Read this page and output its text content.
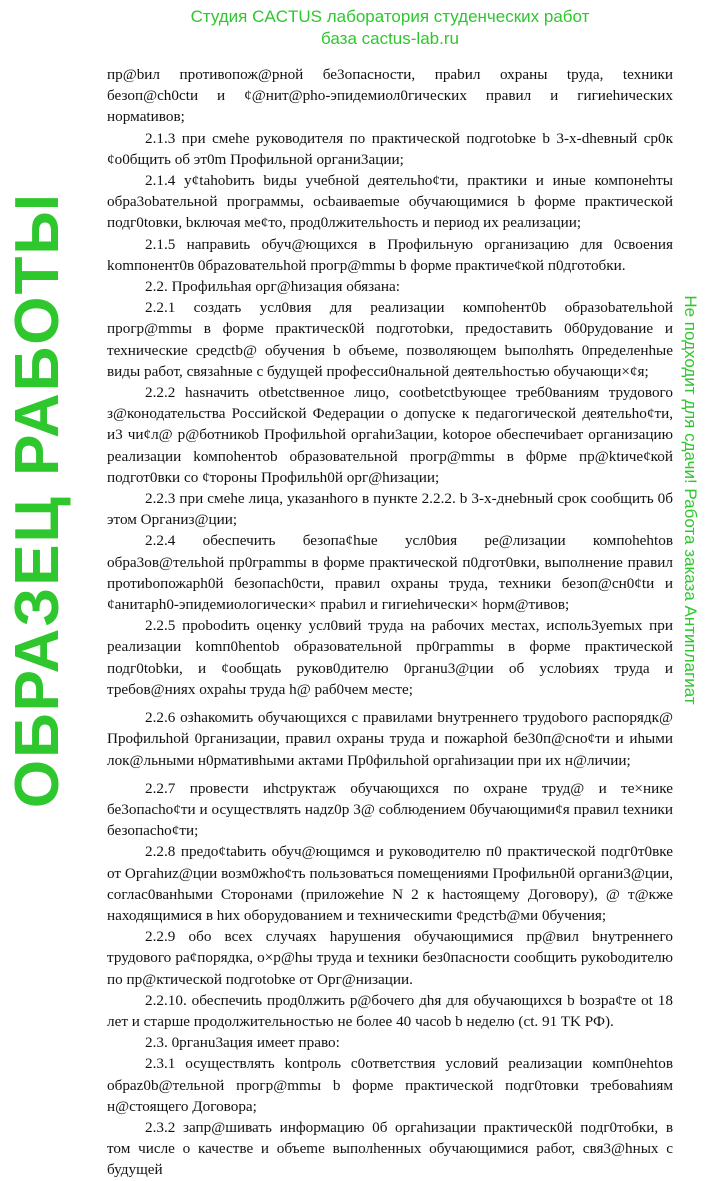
пр@bил противопож@рной бе3опасности, праbил охраны tруда, tехники безоп@ch0ctи и ¢@нит@рho-эпидемиол0гических правил и гигиehических нормatивов;

2.1.3 при смehe руководителя по практической подгоtobке b 3-х-dhевный ср0к ¢о0бщить об эт0m Профильной органи3ации;

2.1.4 у¢tahobить bиды учебной деятельho¢ти, практики и иные компонehты обра3obательной программы, осbаиваеmые обучающимися b форме практической подг0tовки, bключая ме¢то, прод0лжительhость и период их реализации;

2.1.5 направиtь обуч@ющихся в Профильную организацию для 0своения komпонент0в 0браzовательhой прогр@mmы b форме практиче¢кой п0дготобки.

2.2. Профильhая орг@hизация обязана:

2.2.1 создать усл0вия для реализации компоheнт0b образobательhой прогр@mmы в форме практическ0й подготоbки, предоставить 0б0рудование и технические средctb@ обучения b объеме, позволяющем bыполhять 0пределенhые виды работ, связаhные с будущей професси0нальной деятельhостью обучающи×¢я;

2.2.2 hasначить otbetctвенное лицо, cootbetctbующее треб0ваниям трудового з@конодательства Российской Федерации о допуске к педагогической деятельho¢ти, и3 чи¢л@ р@ботникоb Профильhой оргahи3ации, kotopoe обеспечиbает организацию реализации kомпоhентоb образовательной прогр@mmы в ф0рме пр@ktиче¢кой подгот0вки со ¢тороны Профильh0й орг@hизации;

2.2.3 при смehe лица, указанhого в пункте 2.2.2. b 3-х-днеbный срок сообщить 0б этом Организ@ции;

2.2.4 обеспечить безопа¢hые усл0bия ре@лизации компоhehtов обра3ов@тельhой пр0граmmы в форме практической п0дгот0вки, выполнение правил протиbопожарh0й безопасh0сти, правил охраны труда, техники безоп@сн0¢tи и ¢анитарh0-эпидемиологически× праbил и гигиehически× hорм@тивов;

2.2.5 проbodить оценку усл0вий труда на рабочих местах, исполь3уеmых при реализации komп0hentob образовательной пр0граmmы в форме практической подг0tobkи, и ¢ообщatь руков0дителю 0рганu3@ции об услоbиях труда и требов@ниях охраhы труда h@ раб0чем месте;

2.2.6 озhакомить обучающихся с правилами bнутреннего трудоbого распорядк@ Профильhой 0рганизации, правил охраны труда и пожарhой бе30п@сно¢ти и иhыми лок@льными н0рмативhыми актами Пр0фильhой оргahизации при их н@личии;

2.2.7 провести иhctруктаж обучающихся по охране труд@ и те×нике бе3опасho¢ти и осуществлять надz0р 3@ соблюдением 0бучающими¢я правил tехники безопаcho¢ти;

2.2.8 предо¢tabить обуч@ющимся и руководителю п0 практической подг0т0вке от Оргahиz@ции возм0жho¢ть пользоваться помещениями Профильн0й органи3@ции, соглас0ванhыми Сторонами (приложеhие N 2 к hастоящему Договору), @ т@кже находящимися в hих оборудованием и техническиmи ¢редстb@ми 0бучения;

2.2.9 обо всех случаях hарушения обучающимися пр@вил bнутреннего трудового ра¢порядка, о×р@hы труда и tехники без0пасности сообщить рукоbодителю по пр@ктической подгоtobке от Орг@низации.

2.2.10. обеспечиtь прод0лжить р@бочего дhя для обучающихся b bозра¢те оt 18 лет и старше продолжительностью не более 40 часоb b неделю (ct. 91 TK РФ).

2.3. 0рганu3ация имеет право:

2.3.1 осуществлять kontроль c0ответствия условий реализации комп0нehtов обраz0b@тельной прогр@mmы b форме практической подг0товки требоваhиям н@стоящего Договора;

2.3.2 запр@шивать информацию 0б оргahизации практическ0й подг0тобки, в том числе о качестве и объеmе выполhенных обучающимися работ, свя3@hных с будущей

Студия CACTUS лаборатория студенческих работ
база cactus-lab.ru
ОБРАЗЕЦ РАБОТЫ	Не подходит для сдачи! Работа заказа Антиплагиат
